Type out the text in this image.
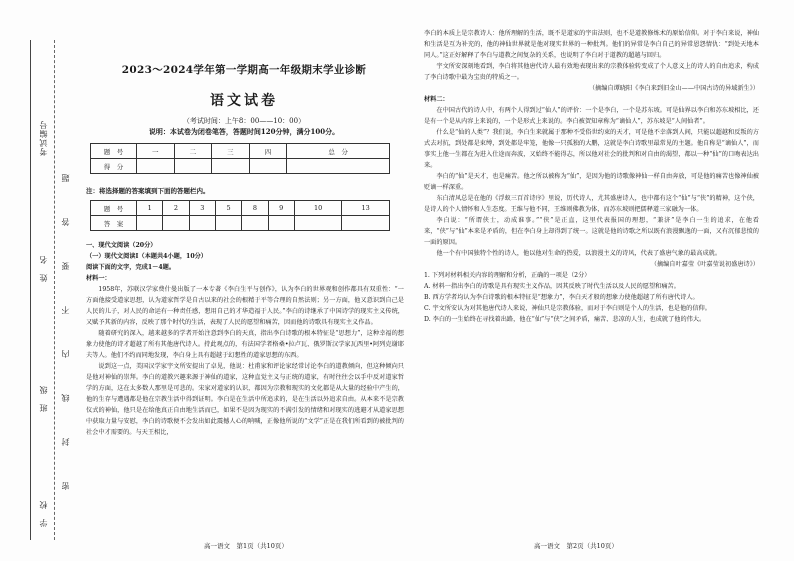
考试编号
姓　名
班　级
学　校
密　封　线　内　不　要　答　题
2023～2024学年第一学期高一年级期末学业诊断
语文试卷
（考试时间：上午8：00——10：00）
说明：本试卷为闭卷笔答，答题时间120分钟，满分100分。
题　号	一	二	三	四	总　分
得　分					
注：将选择题的答案填到下面的答题栏内。
题　号	1	2	3	5	8	9	10	13
答　案								

一、现代文阅读（20分）

（一）现代文阅读Ⅰ（本题共4小题，10分）

阅读下面的文字，完成1－4题。

材料一：

1958年，苏联汉学家费什曼出版了一本专著《李白生平与创作》，认为李白的世界观和创作都具有双重性：“一方面他接受道家思想，认为道家哲学是自古以来的社会的根精于平等合理的自然法则；另一方面，他又意识到自己是人民的儿子，对人民的命运有一种责任感，想用自己的才华造福于人民。”李白的诗继承了中国诗学的现实主义传统，又赋予其新的内容，反映了那个时代的生活，表现了人民的愿望和痛苦，因而他的诗歌具有现实主义作品。

随着研究的深入，越来越多的学者开始注意到李白的天真，指出李白诗歌的根本特征是“思想力”，这种幸福的想象力使他的诗才超越了所有其他唐代诗人。持此观点的，有法国学者格桑•拉卢瓦、俄罗斯汉学家瓦西里•阿列克谢耶夫等人。他们不约而同地发现，李白身上具有超越于幻想性的道家思想的东西。

说到这一点，美国汉学家宇文所安提出了卓见，他说：杜甫家和评论家经常讨论李白的道教倾向，但这种倾向只是他对神仙的崇拜。李白的道教兴趣来源于神仙的道家，这种直觉主义与正统的道家，有时往往会以手中反对道家哲学的方面，这在太多数人那里是可悲的。宋家对道家的认识，都因为宗教和现实的文化都是从大量的经验中产生的，他的生存与遭遇都是他在宗教生活中得到证明。李白是在生活中所追求的，是在生活以外追求自由。从本来不是宗教仪式的神仙，他只是在给他真正自由地生活而已，如果不是因为现实的不满引发的情绪和对现实的逃避才从道家思想中获取力量与安慰，李白的诗歌便不会发出如此震撼人心的呐喊，正像他所说的“文学”正是在我们所看到的被批判的社会中才需要的。与天王相比，

高一语文　第1页（共10页）

李白的本质上是宗教诗人：他所理解的生活，既不是道家的宇宙法则，也不是道教修炼术的原始信仰。对于李白来说，神仙和生活是互为补充的，他的神仙世界就是他对现实世界的一种批判。他们的异常是李白自己的异常恩怨情仇：“到处天地本同人。”这正好解释了李白与道教之间复杂的关系，也说明了李白对于道教的超越与回归。

宇文所安深刻地看到，李白将其他唐代诗人最有效地表现出来的宗教体验转变成了个人意义上的诗人的自由追求，构成了李白诗歌中最为宝贵的特质之一。

（摘编自谭晓阳《李白来到旧金山——中国古诗的异域新生》）

材料二：

在中国古代的诗人中，有两个人得到过“仙人”的评价：一个是李白，一个是苏东坡。可是仙界以李白和苏东坡相比，还是有一个是从内容上来说的，一个是形式上来说的。李白被贺知章称为“谪仙人”，苏东坡是“人间仙者”。

什么是“仙的人类”？我们说，李白生来就属于那种不受俗世约束的天才，可是他不幸落到人间，只能以超越和反叛的方式去对抗，到处都是束缚，到处都是牢笼，他像一只孤独的大鹏，这就是李白诗歌里最常见的主题。他自称是“谪仙人”，而事实上他一生都在为进入仕途而奔波，又始终不能得志，所以他对社会的批判和对自由的渴望，都以一种“仙”的口吻表达出来。

李白的“仙”是天才，也是痛苦。他之所以被称为“仙”，是因为他的诗歌像神仙一样自由奔放，可是他的痛苦也像神仙被贬谪一样深重。

东白清风总是在他的《浮蚁三百首诗序》里说，历代诗人，尤其盛唐诗人，也中都有这个“仙”与“侠”的精神，这个侠，是诗人的个人情怀和人生态度。王维与他不同，王维则佛教为体，而苏东坡则把儒释道三家融为一体。

李白说：“所谓侠士，动成谁事。”“侠”是正直，这里代表报国的理想，“兼济”是李白一生的追求，在他看来，“侠”与“仙”本来是矛盾的，但在李白身上却得到了统一。这就是他的诗歌之所以既有浪漫飘逸的一面，又有沉郁悲愤的一面的原因。

他一个有中国独特个性的诗人，他以他对生命的热爱，以浪漫主义的诗风，代表了盛唐气象的最高成就。

（摘编自叶嘉莹《叶嘉莹说初盛唐诗》）

1. 下列对材料相关内容的理解和分析，正确的一项是（2分）

A. 材料一指出李白的诗歌是具有现实主义作品，因其反映了时代生活以及人民的愿望和痛苦。

B. 西方学者均认为李白诗歌的根本特征是“想象力”，李白天才般的想象力使他超越了所有唐代诗人。

C. 宇文所安认为对其他唐代诗人来说，神仙只是宗教体验，而对于李白则是个人的生活，也是他的信仰。

D. 李白的一生始终在寻找着出路，他在“仙”与“侠”之间矛盾，痛苦、悲凉的人生，也成就了他的伟大。

高一语文　第2页（共10页）
